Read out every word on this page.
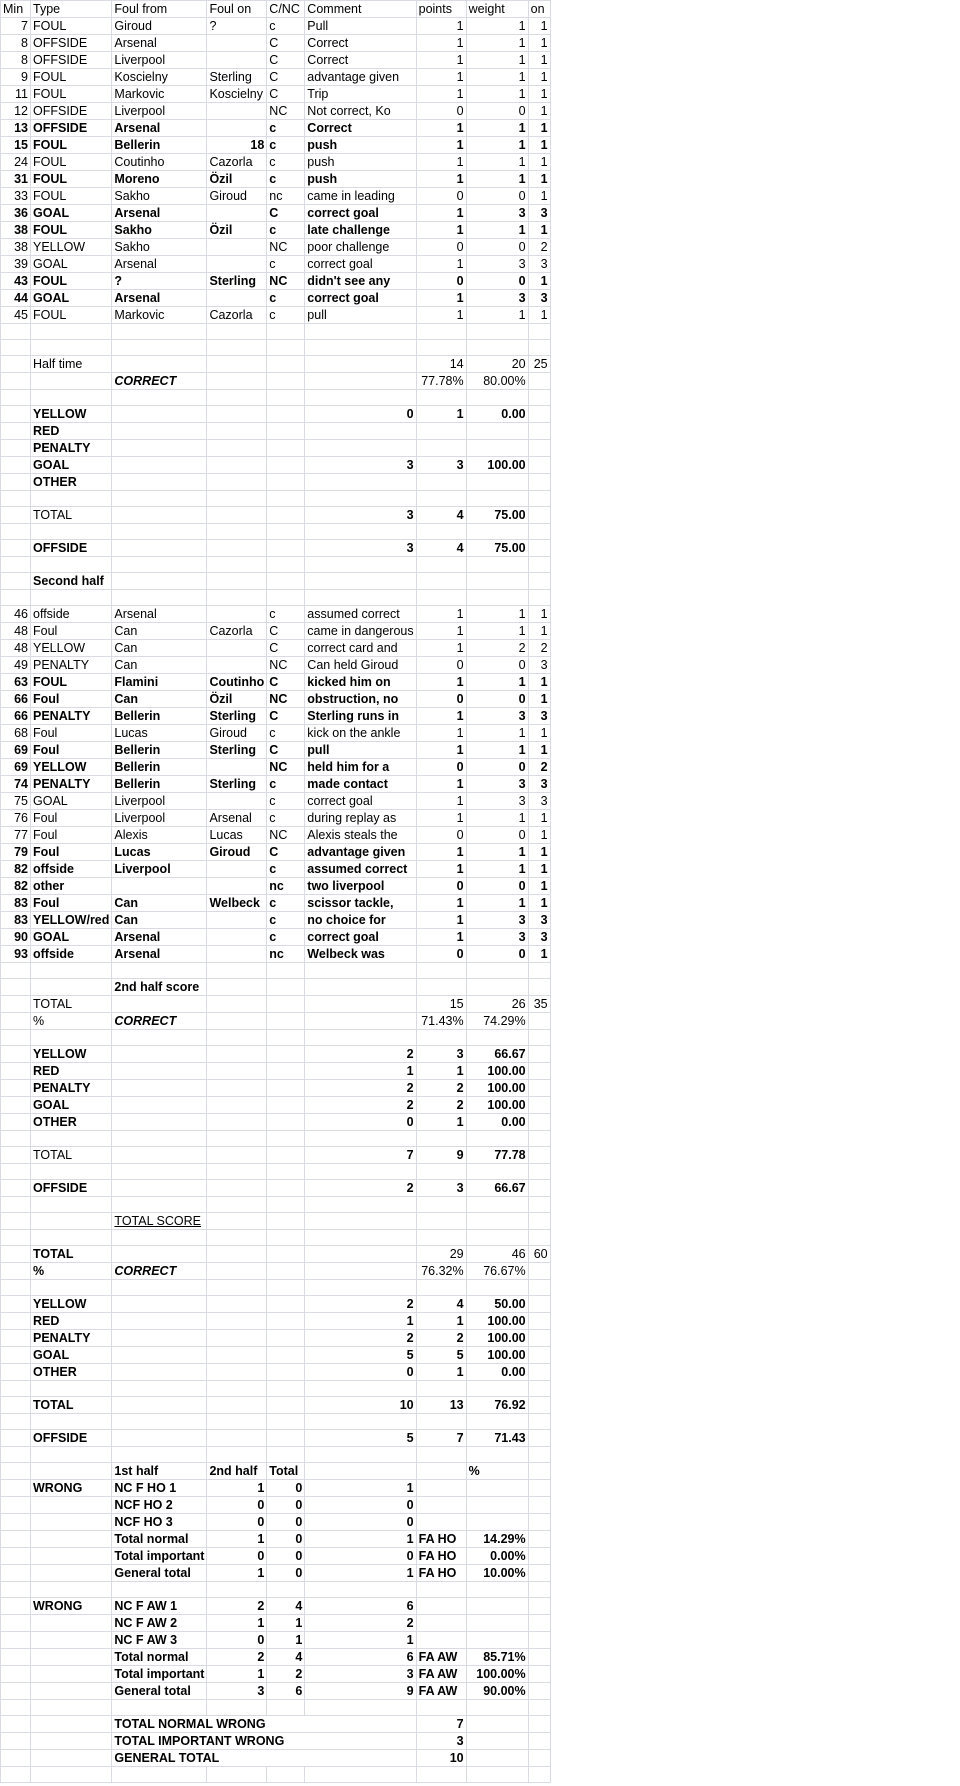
Min	Type	Foul from	Foul on	C/NC	Comment	points	weight	on
7	FOUL	Giroud	?	c	Pull	1	1	1
8	OFFSIDE	Arsenal		C	Correct	1	1	1
8	OFFSIDE	Liverpool		C	Correct	1	1	1
9	FOUL	Koscielny	Sterling	C	advantage given	1	1	1
11	FOUL	Markovic	Koscielny	C	Trip	1	1	1
12	OFFSIDE	Liverpool		NC	Not correct, Ko	0	0	1
13	OFFSIDE	Arsenal		c	Correct	1	1	1
15	FOUL	Bellerin	18	c	push	1	1	1
24	FOUL	Coutinho	Cazorla	c	push	1	1	1
31	FOUL	Moreno	Özil	c	push	1	1	1
33	FOUL	Sakho	Giroud	nc	came in leading	0	0	1
36	GOAL	Arsenal		C	correct goal	1	3	3
38	FOUL	Sakho	Özil	c	late challenge	1	1	1
38	YELLOW	Sakho		NC	poor challenge	0	0	2
39	GOAL	Arsenal		c	correct goal	1	3	3
43	FOUL	?	Sterling	NC	didn't see any	0	0	1
44	GOAL	Arsenal		c	correct goal	1	3	3
45	FOUL	Markovic	Cazorla	c	pull	1	1	1

	Half time					14	20	25
		CORRECT				77.78%	80.00%	

	YELLOW				0	1	0.00	
	RED							
	PENALTY							
	GOAL				3	3	100.00	
	OTHER							

	TOTAL				3	4	75.00	

	OFFSIDE				3	4	75.00	

	Second half							

46	offside	Arsenal		c	assumed correct	1	1	1
48	Foul	Can	Cazorla	C	came in dangerous	1	1	1
48	YELLOW	Can		C	correct card and	1	2	2
49	PENALTY	Can		NC	Can held Giroud	0	0	3
63	FOUL	Flamini	Coutinho	C	kicked him on	1	1	1
66	Foul	Can	Özil	NC	obstruction, no	0	0	1
66	PENALTY	Bellerin	Sterling	C	Sterling runs in	1	3	3
68	Foul	Lucas	Giroud	c	kick on the ankle	1	1	1
69	Foul	Bellerin	Sterling	C	pull	1	1	1
69	YELLOW	Bellerin		NC	held him for a	0	0	2
74	PENALTY	Bellerin	Sterling	c	made contact	1	3	3
75	GOAL	Liverpool		c	correct goal	1	3	3
76	Foul	Liverpool	Arsenal	c	during replay as	1	1	1
77	Foul	Alexis	Lucas	NC	Alexis steals the	0	0	1
79	Foul	Lucas	Giroud	C	advantage given	1	1	1
82	offside	Liverpool		c	assumed correct	1	1	1
82	other			nc	two liverpool	0	0	1
83	Foul	Can	Welbeck	c	scissor tackle,	1	1	1
83	YELLOW/red	Can		c	no choice for	1	3	3
90	GOAL	Arsenal		c	correct goal	1	3	3
93	offside	Arsenal		nc	Welbeck was	0	0	1

		2nd half score						
	TOTAL					15	26	35
	%	CORRECT				71.43%	74.29%	

	YELLOW				2	3	66.67	
	RED				1	1	100.00	
	PENALTY				2	2	100.00	
	GOAL				2	2	100.00	
	OTHER				0	1	0.00	

	TOTAL				7	9	77.78	

	OFFSIDE				2	3	66.67	

		TOTAL SCORE						

	TOTAL					29	46	60
	%	CORRECT				76.32%	76.67%	

	YELLOW				2	4	50.00	
	RED				1	1	100.00	
	PENALTY				2	2	100.00	
	GOAL				5	5	100.00	
	OTHER				0	1	0.00	

	TOTAL				10	13	76.92	

	OFFSIDE				5	7	71.43	

		1st half	2nd half	Total			%	
	WRONG	NC F HO 1	1	0	1			
		NCF HO 2	0	0	0			
		NCF HO 3	0	0	0			
		Total normal	1	0	1	FA HO	14.29%	
		Total important	0	0	0	FA HO	0.00%	
		General total	1	0	1	FA HO	10.00%	

	WRONG	NC F AW 1	2	4	6			
		NC F AW 2	1	1	2			
		NC F AW 3	0	1	1			
		Total normal	2	4	6	FA AW	85.71%	
		Total important	1	2	3	FA AW	100.00%	
		General total	3	6	9	FA AW	90.00%	

		TOTAL NORMAL WRONG				7		
		TOTAL IMPORTANT WRONG				3		
		GENERAL TOTAL				10		
